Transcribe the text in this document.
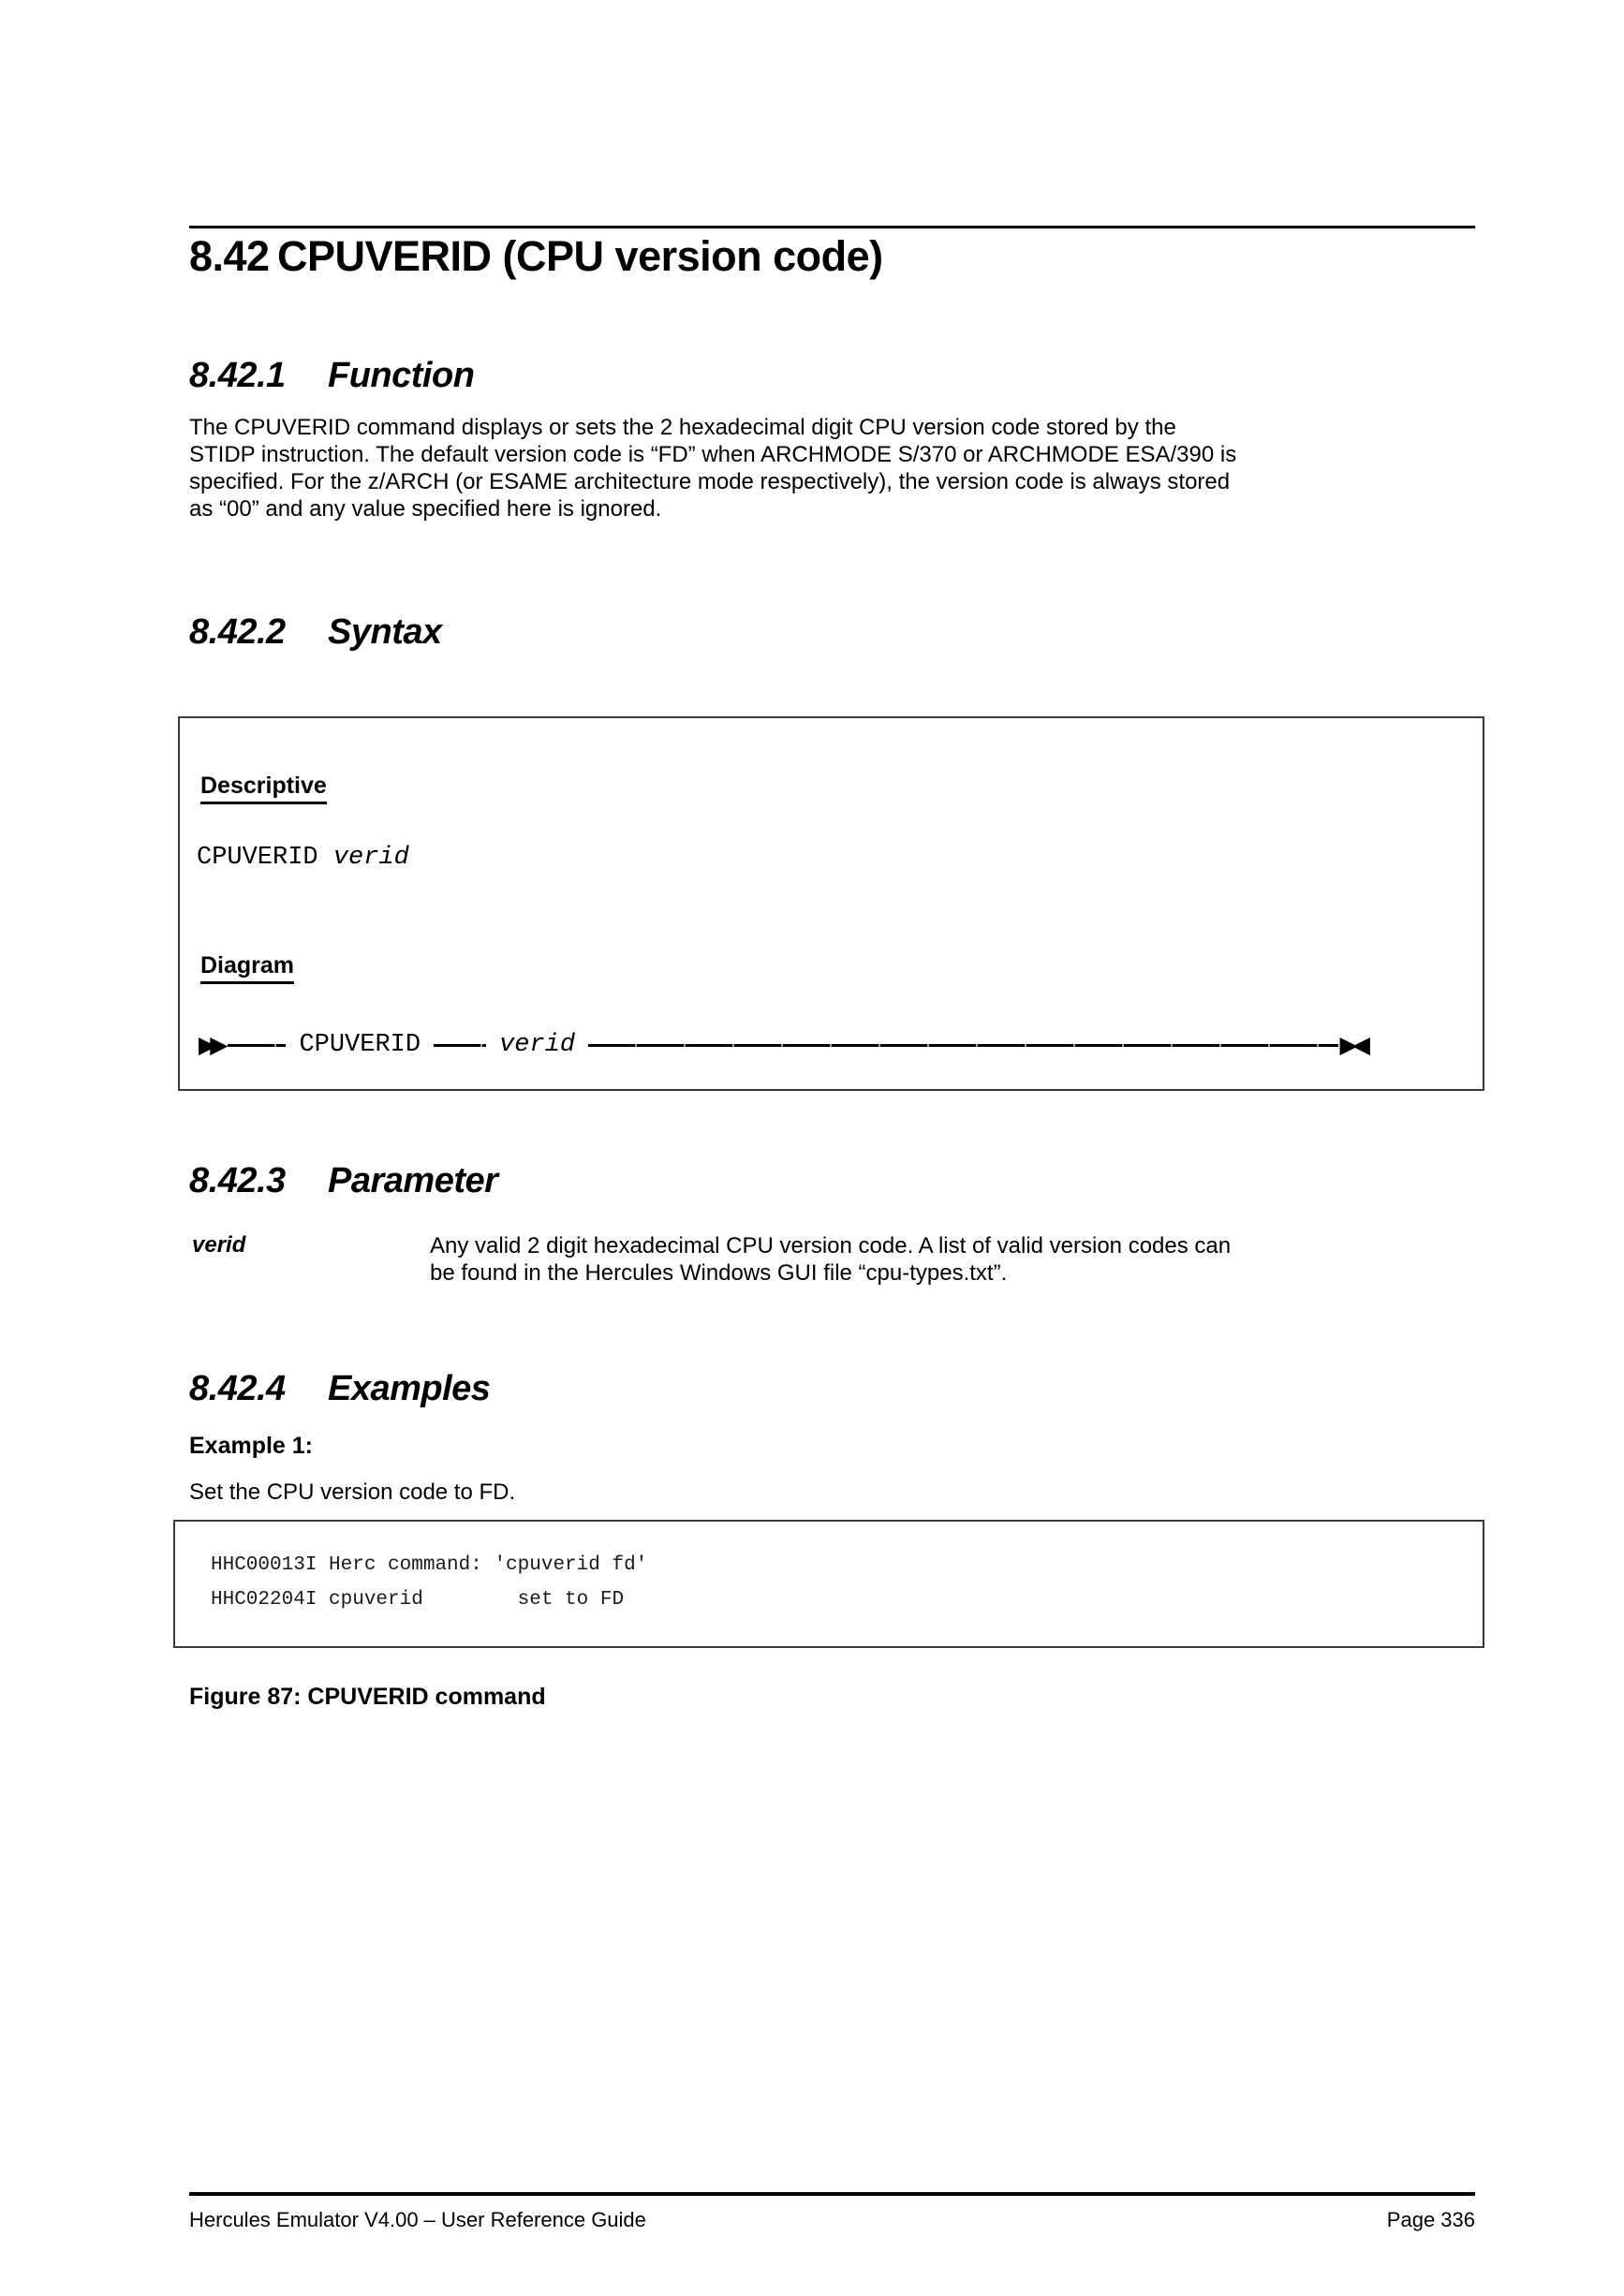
8.42 CPUVERID (CPU version code)
8.42.1 Function
The CPUVERID command displays or sets the 2 hexadecimal digit CPU version code stored by the
STIDP instruction. The default version code is “FD” when ARCHMODE S/370 or ARCHMODE ESA/390 is
specified. For the z/ARCH (or ESAME architecture mode respectively), the version code is always stored
as “00” and any value specified here is ignored.
8.42.2 Syntax
Descriptive
CPUVERID verid
Diagram
▶▶	CPUVERID	verid	▶◀
8.42.3 Parameter
verid	Any valid 2 digit hexadecimal CPU version code. A list of valid version codes can
be found in the Hercules Windows GUI file “cpu-types.txt”.
8.42.4 Examples
Example 1:
Set the CPU version code to FD.
HHC00013I Herc command: 'cpuverid fd'
HHC02204I cpuverid        set to FD
Figure 87: CPUVERID command
Hercules Emulator V4.00 – User Reference Guide	Page 336
